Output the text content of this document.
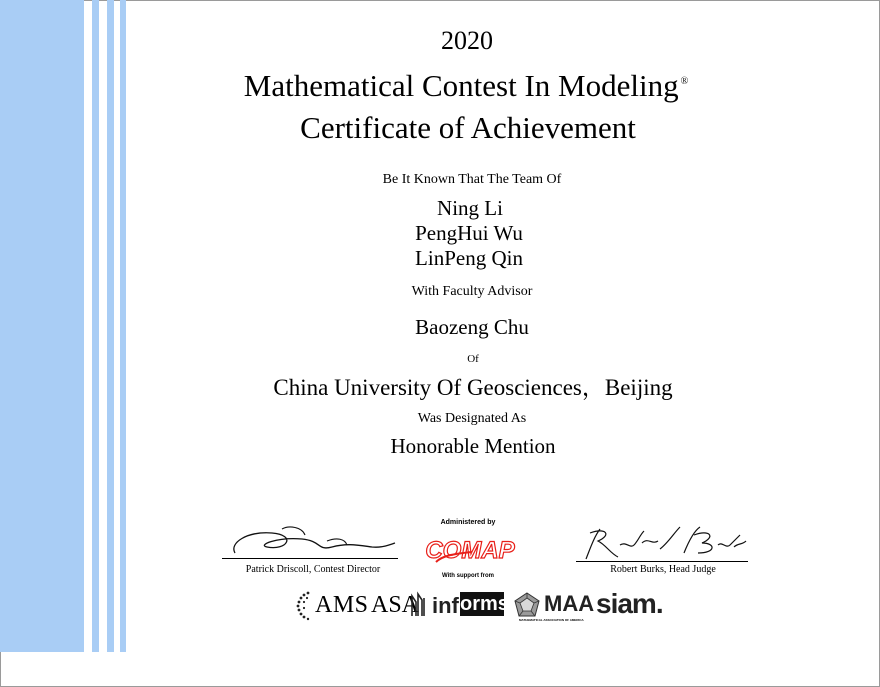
2020
Mathematical Contest In Modeling ®
Certificate of Achievement
Be It Known That The Team Of
Ning Li
PengHui Wu
LinPeng Qin
With Faculty Advisor
Baozeng Chu
Of
China University Of Geosciences，Beijing
Was Designated As
Honorable Mention
Patrick Driscoll, Contest Director
Administered by
COMAP
With support from
Robert Burks, Head Judge
AMS ASA inf orms MAA
MATHEMATICAL ASSOCIATION OF AMERICA
siam.
